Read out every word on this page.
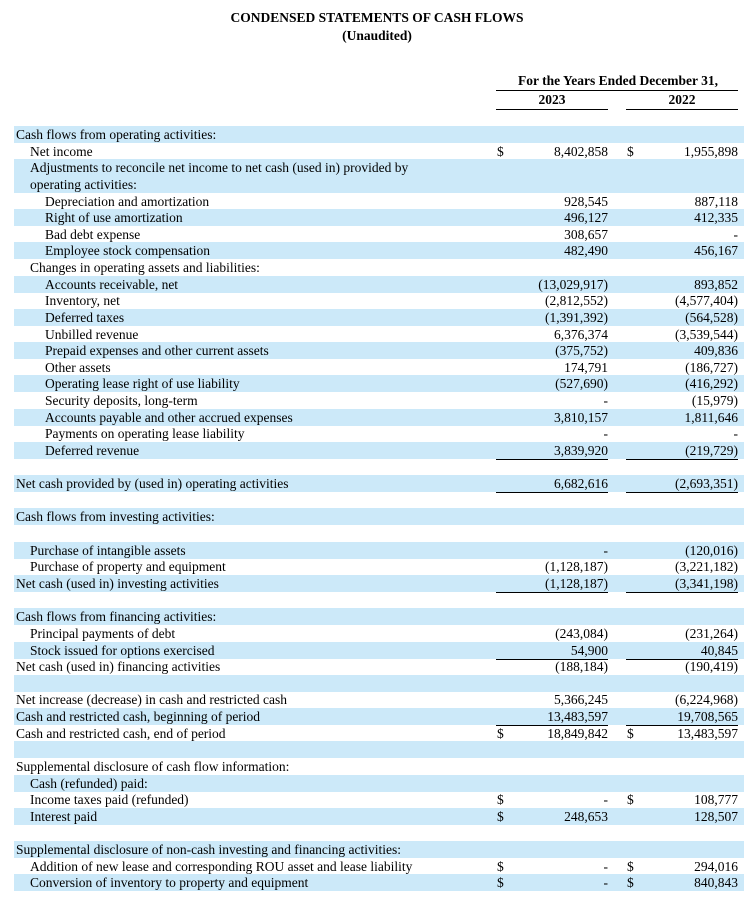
CONDENSED STATEMENTS OF CASH FLOWS
(Unaudited)
For the Years Ended December 31,
2023	2022
Cash flows from operating activities:
Net income	$	8,402,858 $	1,955,898
Adjustments to reconcile net income to net cash (used in) provided by
operating activities:
Depreciation and amortization	928,545	887,118
Right of use amortization	496,127	412,335
Bad debt expense	308,657	-
Employee stock compensation	482,490	456,167
Changes in operating assets and liabilities:
Accounts receivable, net	(13,029,917)	893,852
Inventory, net	(2,812,552)	(4,577,404)
Deferred taxes	(1,391,392)	(564,528)
Unbilled revenue	6,376,374	(3,539,544)
Prepaid expenses and other current assets	(375,752)	409,836
Other assets	174,791	(186,727)
Operating lease right of use liability	(527,690)	(416,292)
Security deposits, long-term	-	(15,979)
Accounts payable and other accrued expenses	3,810,157	1,811,646
Payments on operating lease liability	-	-
Deferred revenue	3,839,920	(219,729)
Net cash provided by (used in) operating activities	6,682,616	(2,693,351)
Cash flows from investing activities:
Purchase of intangible assets	-	(120,016)
Purchase of property and equipment	(1,128,187)	(3,221,182)
Net cash (used in) investing activities	(1,128,187)	(3,341,198)
Cash flows from financing activities:
Principal payments of debt	(243,084)	(231,264)
Stock issued for options exercised	54,900	40,845
Net cash (used in) financing activities	(188,184)	(190,419)
Net increase (decrease) in cash and restricted cash	5,366,245	(6,224,968)
Cash and restricted cash, beginning of period	13,483,597	19,708,565
Cash and restricted cash, end of period	$	18,849,842 $	13,483,597
Supplemental disclosure of cash flow information:
Cash (refunded) paid:
Income taxes paid (refunded)	$	- $	108,777
Interest paid	$	248,653	128,507
Supplemental disclosure of non-cash investing and financing activities:
Addition of new lease and corresponding ROU asset and lease liability	$	- $	294,016
Conversion of inventory to property and equipment	$	- $	840,843
